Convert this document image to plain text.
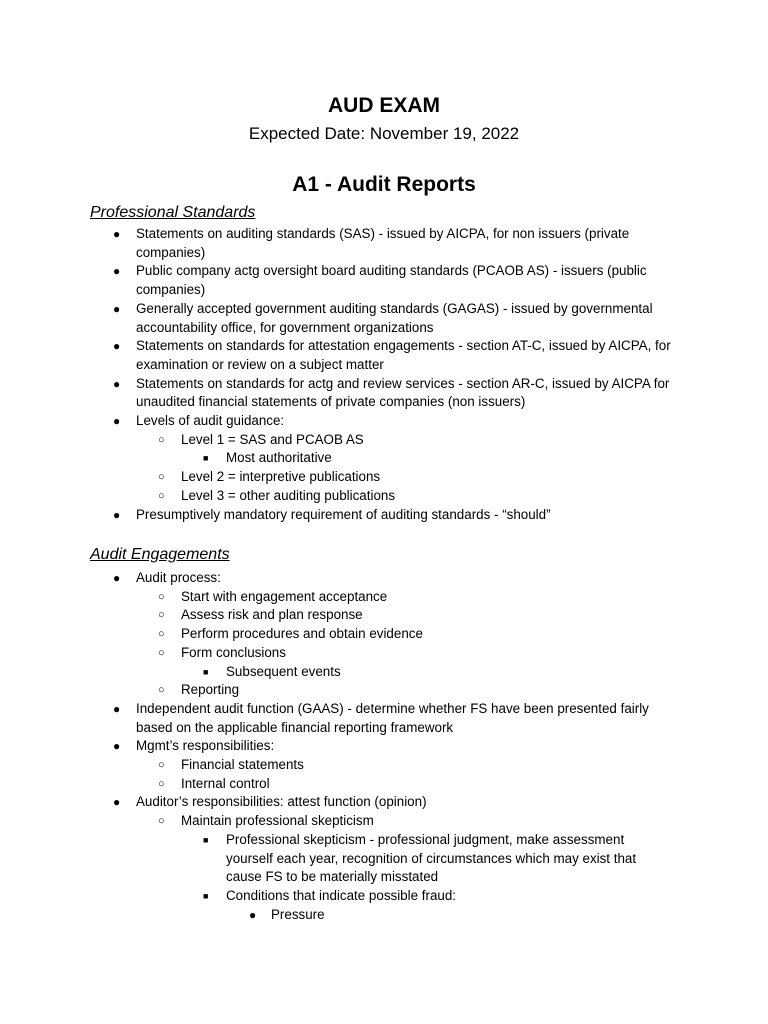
AUD EXAM
Expected Date: November 19, 2022
A1 - Audit Reports
Professional Standards
● Statements on auditing standards (SAS) - issued by AICPA, for non issuers (private companies)
● Public company actg oversight board auditing standards (PCAOB AS) - issuers (public companies)
● Generally accepted government auditing standards (GAGAS) - issued by governmental accountability office, for government organizations
● Statements on standards for attestation engagements - section AT-C, issued by AICPA, for examination or review on a subject matter
● Statements on standards for actg and review services - section AR-C, issued by AICPA for unaudited financial statements of private companies (non issuers)
● Levels of audit guidance:
○ Level 1 = SAS and PCAOB AS
■ Most authoritative
○ Level 2 = interpretive publications
○ Level 3 = other auditing publications
● Presumptively mandatory requirement of auditing standards - “should”
Audit Engagements
● Audit process:
○ Start with engagement acceptance
○ Assess risk and plan response
○ Perform procedures and obtain evidence
○ Form conclusions
■ Subsequent events
○ Reporting
● Independent audit function (GAAS) - determine whether FS have been presented fairly based on the applicable financial reporting framework
● Mgmt’s responsibilities:
○ Financial statements
○ Internal control
● Auditor’s responsibilities: attest function (opinion)
○ Maintain professional skepticism
■ Professional skepticism - professional judgment, make assessment yourself each year, recognition of circumstances which may exist that cause FS to be materially misstated
■ Conditions that indicate possible fraud:
● Pressure
